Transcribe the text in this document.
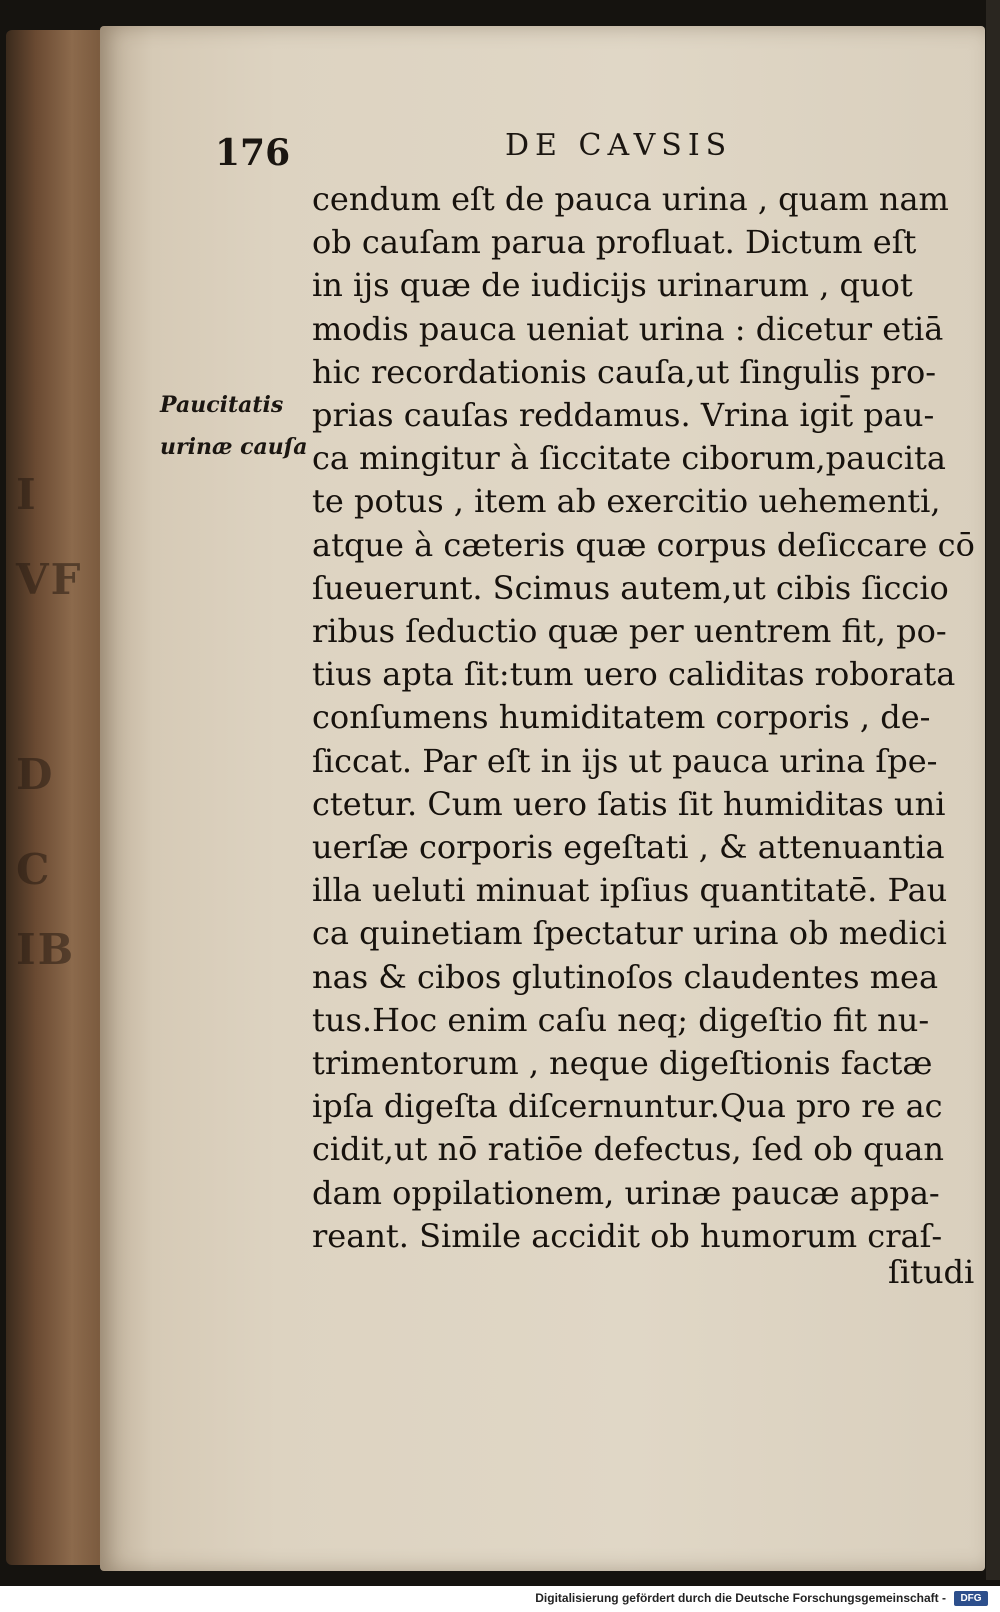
I
VF
D
C
IB
176	DE CAVSIS
Paucitatis
urinæ cauſa
cendum eſt de pauca urina , quam nam
ob cauſam parua profluat. Dictum eſt
in ijs quæ de iudicijs urinarum , quot
modis pauca ueniat urina : dicetur etiā
hic recordationis cauſa,ut ſingulis pro-
prias cauſas reddamus. Vrina igit̄ pau-
ca mingitur à ſiccitate ciborum,paucita
te potus , item ab exercitio uehementi,
atque à cæteris quæ corpus deſiccare cō
ſueuerunt. Scimus autem,ut cibis ſiccio
ribus ſeductio quæ per uentrem fit, po-
tius apta ſit:tum uero caliditas roborata
conſumens humiditatem corporis , de-
ſiccat. Par eſt in ijs ut pauca urina ſpe-
ctetur. Cum uero ſatis ſit humiditas uni
uerſæ corporis egeſtati , & attenuantia
illa ueluti minuat ipſius quantitatē. Pau
ca quinetiam ſpectatur urina ob medici
nas & cibos glutinoſos claudentes mea
tus.Hoc enim caſu neq; digeſtio fit nu-
trimentorum , neque digeſtionis factæ
ipſa digeſta diſcernuntur.Qua pro re ac
cidit,ut nō ratiōe defectus, ſed ob quan
dam oppilationem, urinæ paucæ appa-
reant. Simile accidit ob humorum craſ-
ſitudi
Digitalisierung gefördert durch die Deutsche Forschungsgemeinschaft -	DFG
